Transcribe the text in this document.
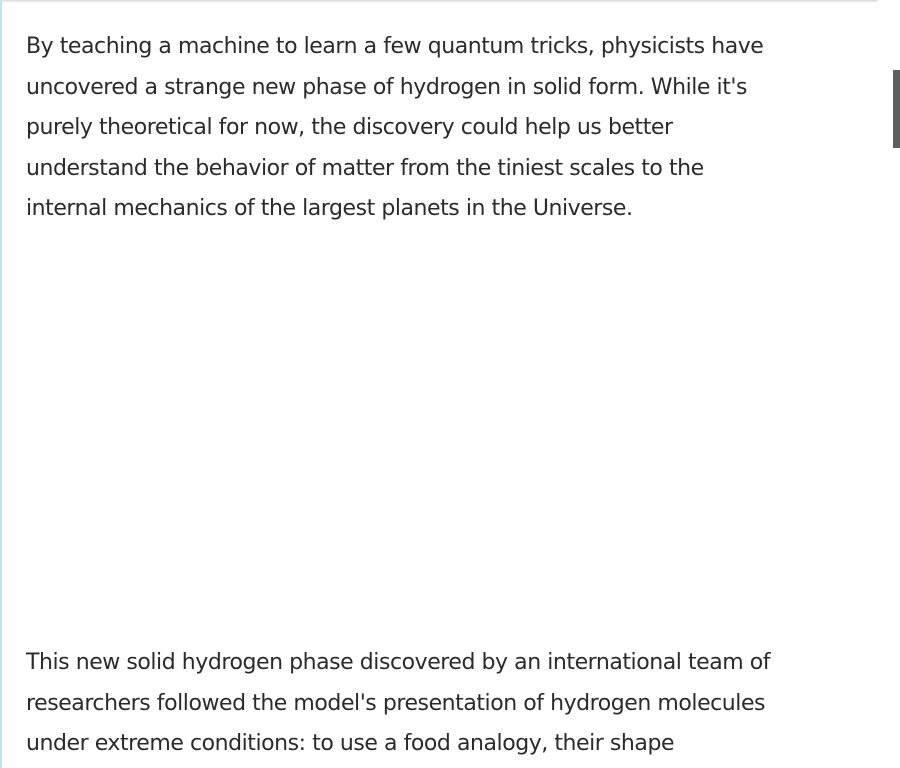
By teaching a machine to learn a few quantum tricks, physicists have
uncovered a strange new phase of hydrogen in solid form. While it's
purely theoretical for now, the discovery could help us better
understand the behavior of matter from the tiniest scales to the
internal mechanics of the largest planets in the Universe.

This new solid hydrogen phase discovered by an international team of
researchers followed the model's presentation of hydrogen molecules
under extreme conditions: to use a food analogy, their shape
